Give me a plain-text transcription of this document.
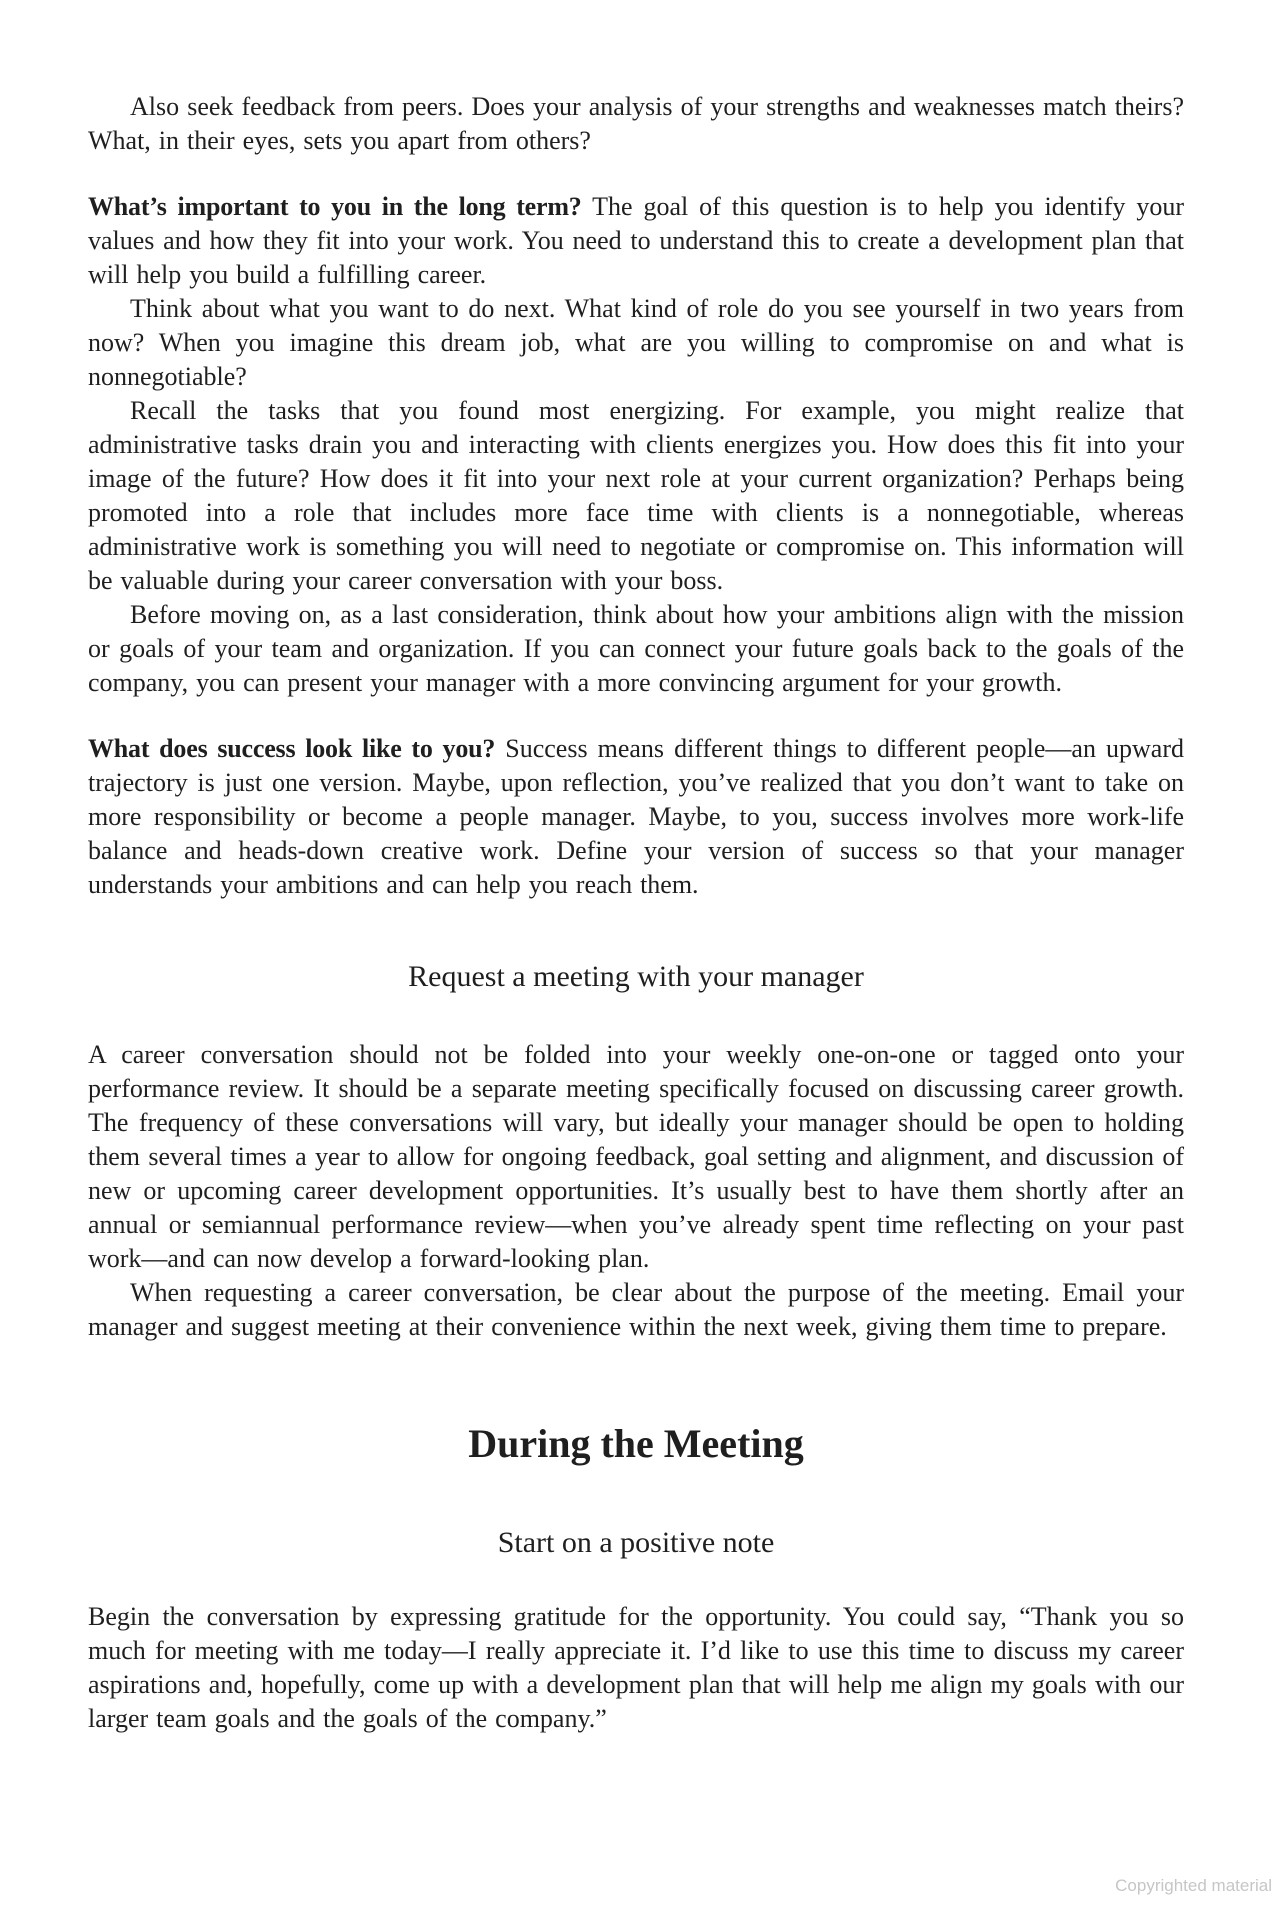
Also seek feedback from peers. Does your analysis of your strengths and weaknesses match theirs? What, in their eyes, sets you apart from others?

What’s important to you in the long term? The goal of this question is to help you identify your values and how they fit into your work. You need to understand this to create a development plan that will help you build a fulfilling career.

Think about what you want to do next. What kind of role do you see yourself in two years from now? When you imagine this dream job, what are you willing to compromise on and what is nonnegotiable?

Recall the tasks that you found most energizing. For example, you might realize that administrative tasks drain you and interacting with clients energizes you. How does this fit into your image of the future? How does it fit into your next role at your current organization? Perhaps being promoted into a role that includes more face time with clients is a nonnegotiable, whereas administrative work is something you will need to negotiate or compromise on. This information will be valuable during your career conversation with your boss.

Before moving on, as a last consideration, think about how your ambitions align with the mission or goals of your team and organization. If you can connect your future goals back to the goals of the company, you can present your manager with a more convincing argument for your growth.

What does success look like to you? Success means different things to different people—an upward trajectory is just one version. Maybe, upon reflection, you’ve realized that you don’t want to take on more responsibility or become a people manager. Maybe, to you, success involves more work-life balance and heads-down creative work. Define your version of success so that your manager understands your ambitions and can help you reach them.

Request a meeting with your manager

A career conversation should not be folded into your weekly one-on-one or tagged onto your performance review. It should be a separate meeting specifically focused on discussing career growth. The frequency of these conversations will vary, but ideally your manager should be open to holding them several times a year to allow for ongoing feedback, goal setting and alignment, and discussion of new or upcoming career development opportunities. It’s usually best to have them shortly after an annual or semiannual performance review—when you’ve already spent time reflecting on your past work—and can now develop a forward-looking plan.

When requesting a career conversation, be clear about the purpose of the meeting. Email your manager and suggest meeting at their convenience within the next week, giving them time to prepare.

During the Meeting
Start on a positive note

Begin the conversation by expressing gratitude for the opportunity. You could say, “Thank you so much for meeting with me today—I really appreciate it. I’d like to use this time to discuss my career aspirations and, hopefully, come up with a development plan that will help me align my goals with our larger team goals and the goals of the company.”

Copyrighted material
